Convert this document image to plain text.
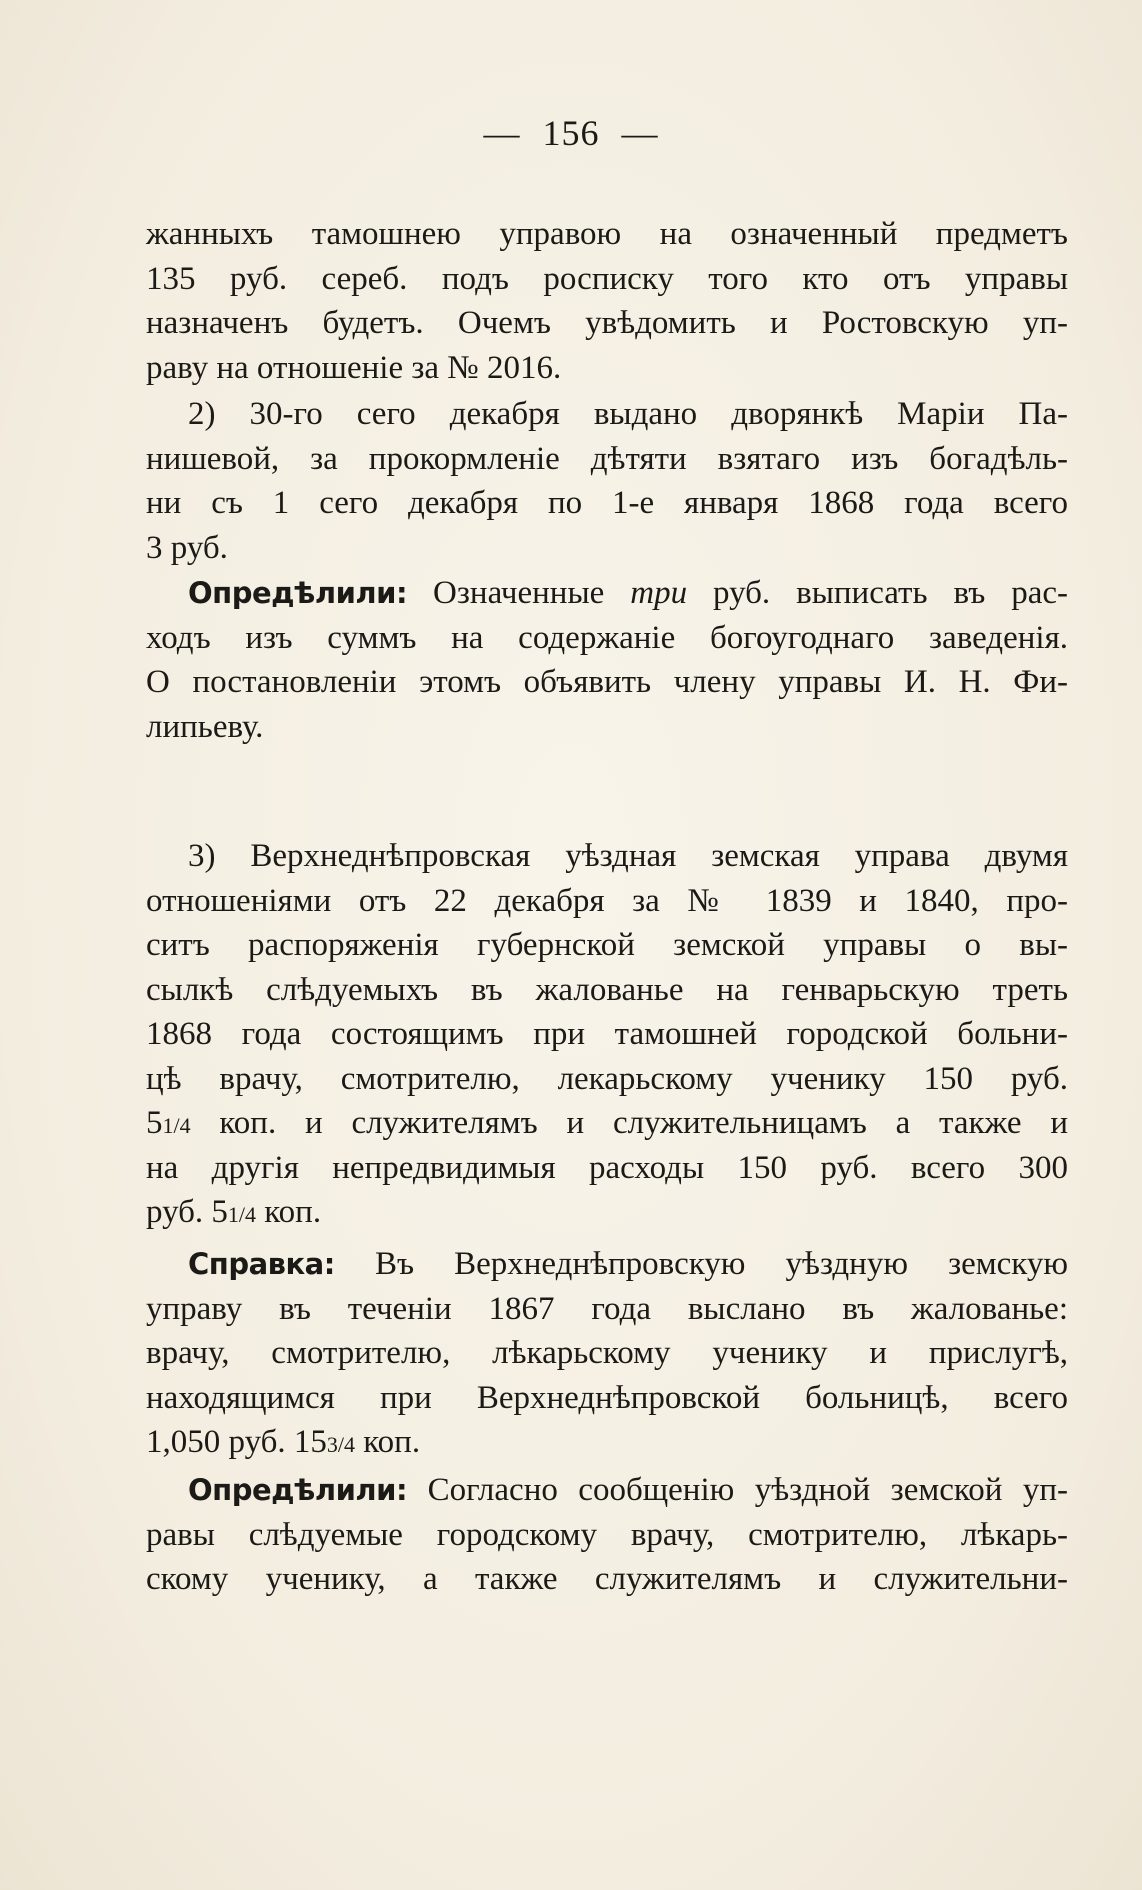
— 156 —
жанныхъ тамошнею управою на означенный предметъ
135 руб. сереб. подъ росписку того кто отъ управы
назначенъ будетъ. Очемъ увѣдомить и Ростовскую уп-
раву на отношеніе за № 2016.
2) 30-го сего декабря выдано дворянкѣ Маріи Па-
нишевой, за прокормленіе дѣтяти взятаго изъ богадѣль-
ни съ 1 сего декабря по 1-е января 1868 года всего
3 руб.
Опредѣлили: Означенные три руб. выписать въ рас-
ходъ изъ суммъ на содержаніе богоугоднаго заведенія.
О постановленіи этомъ объявить члену управы И. Н. Фи-
липьеву.
3) Верхнеднѣпровская уѣздная земская управа двумя
отношеніями отъ 22 декабря за № 1839 и 1840, про-
ситъ распоряженія губернской земской управы о вы-
сылкѣ слѣдуемыхъ въ жалованье на генварьскую треть
1868 года состоящимъ при тамошней городской больни-
цѣ врачу, смотрителю, лекарьскому ученику 150 руб.
51/4 коп. и служителямъ и служительницамъ а также и
на другія непредвидимыя расходы 150 руб. всего 300
руб. 51/4 коп.
Справка: Въ Верхнеднѣпровскую уѣздную земскую
управу въ теченіи 1867 года выслано въ жалованье:
врачу, смотрителю, лѣкарьскому ученику и прислугѣ,
находящимся при Верхнеднѣпровской больницѣ, всего
1,050 руб. 153/4 коп.
Опредѣлили: Согласно сообщенію уѣздной земской уп-
равы слѣдуемые городскому врачу, смотрителю, лѣкарь-
скому ученику, а также служителямъ и служительни-
